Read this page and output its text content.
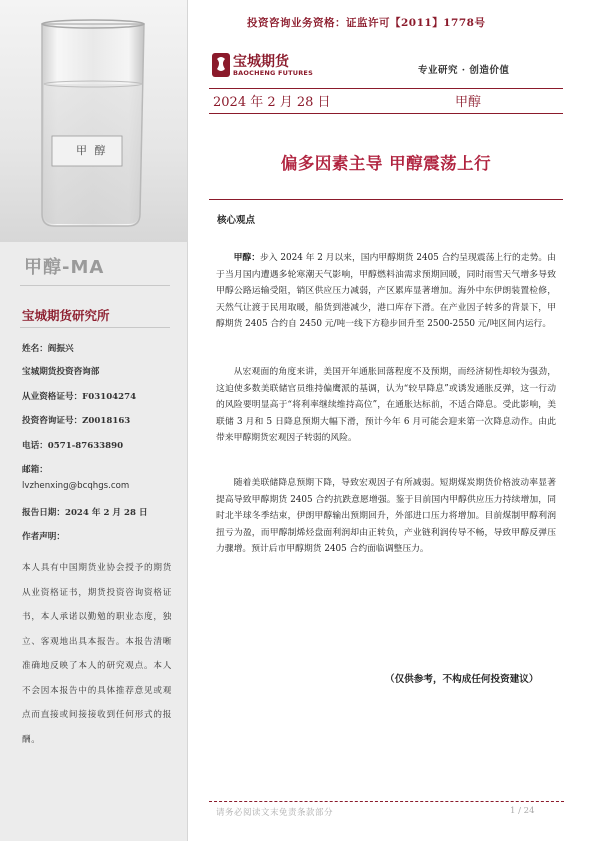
甲 醇
甲醇-MA
宝城期货研究所
姓名：阎振兴
宝城期货投资咨询部
从业资格证号：F03104274
投资咨询证号：Z0018163
电话：0571-87633890
邮箱：
lvzhenxing@bcqhgs.com
报告日期：2024 年 2 月 28 日
作者声明：
本人具有中国期货业协会授予的期货从业资格证书，期货投资咨询资格证书，本人承诺以勤勉的职业态度，独立、客观地出具本报告。本报告清晰准确地反映了本人的研究观点。本人不会因本报告中的具体推荐意见或观点而直接或间接接收到任何形式的报酬。
投资咨询业务资格：证监许可【2011】1778号
宝城期货
BAOCHENG FUTURES	专业研究 · 创造价值
2024 年 2 月 28 日	甲醇
偏多因素主导 甲醇震荡上行
核心观点

甲醇：步入 2024 年 2 月以来，国内甲醇期货 2405 合约呈现震荡上行的走势。由于当月国内遭遇多轮寒潮天气影响，甲醇燃料油需求预期回暖，同时雨雪天气增多导致甲醇公路运输受阻，销区供应压力减弱，产区累库显著增加。海外中东伊朗装置检修，天然气让渡于民用取暖，船货到港减少，港口库存下滑。在产业因子转多的背景下，甲醇期货 2405 合约自 2450 元/吨一线下方稳步回升至 2500-2550 元/吨区间内运行。

从宏观面的角度来讲，美国开年通胀回落程度不及预期，而经济韧性却较为强劲，这迫使多数美联储官员维持偏鹰派的基调，认为“较早降息”或诱发通胀反弹，这一行动的风险要明显高于“将利率继续维持高位”，在通胀达标前，不适合降息。受此影响，美联储 3 月和 5 日降息预期大幅下滑，预计今年 6 月可能会迎来第一次降息动作。由此带来甲醇期货宏观因子转弱的风险。

随着美联储降息预期下降，导致宏观因子有所减弱。短期煤炭期货价格波动率显著提高导致甲醇期货 2405 合约抗跌意愿增强。鉴于目前国内甲醇供应压力持续增加，同时北半球冬季结束，伊朗甲醇输出预期回升，外部进口压力将增加。目前煤制甲醇利润扭亏为盈，而甲醇制烯烃盘面利润却由正转负，产业链利润传导不畅，导致甲醇反弹压力骤增。预计后市甲醇期货 2405 合约面临调整压力。

（仅供参考，不构成任何投资建议）
请务必阅读文末免责条款部分	1 / 24
